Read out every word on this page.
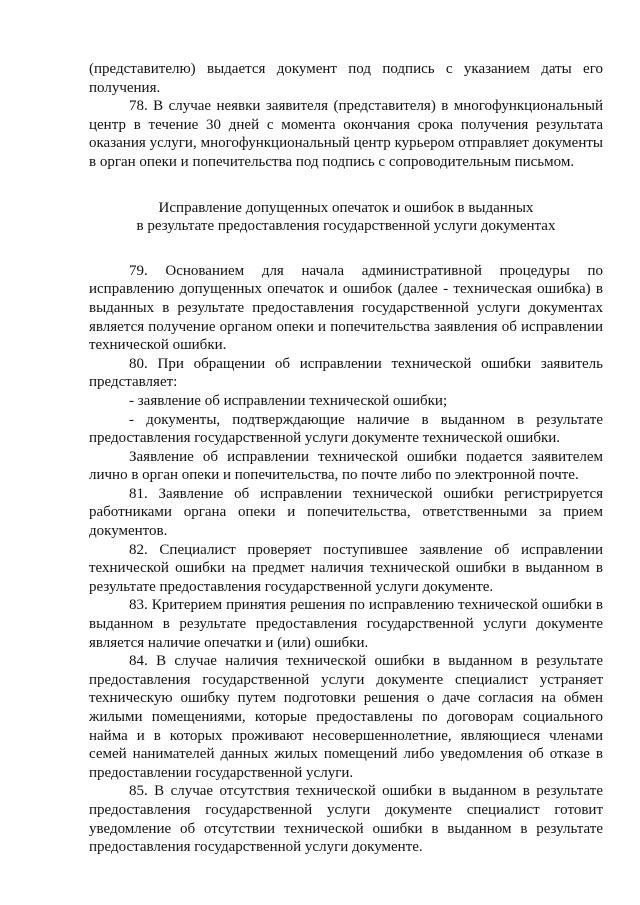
(представителю) выдается документ под подпись с указанием даты его получения.

78. В случае неявки заявителя (представителя) в многофункциональный центр в течение 30 дней с момента окончания срока получения результата оказания услуги, многофункциональный центр курьером отправляет документы в орган опеки и попечительства под подпись с сопроводительным письмом.

Исправление допущенных опечаток и ошибок в выданных
в результате предоставления государственной услуги документах

79. Основанием для начала административной процедуры по исправлению допущенных опечаток и ошибок (далее - техническая ошибка) в выданных в результате предоставления государственной услуги документах является получение органом опеки и попечительства заявления об исправлении технической ошибки.

80. При обращении об исправлении технической ошибки заявитель представляет:

- заявление об исправлении технической ошибки;

- документы, подтверждающие наличие в выданном в результате предоставления государственной услуги документе технической ошибки.

Заявление об исправлении технической ошибки подается заявителем лично в орган опеки и попечительства, по почте либо по электронной почте.

81. Заявление об исправлении технической ошибки регистрируется работниками органа опеки и попечительства, ответственными за прием документов.

82. Специалист проверяет поступившее заявление об исправлении технической ошибки на предмет наличия технической ошибки в выданном в результате предоставления государственной услуги документе.

83. Критерием принятия решения по исправлению технической ошибки в выданном в результате предоставления государственной услуги документе является наличие опечатки и (или) ошибки.

84. В случае наличия технической ошибки в выданном в результате предоставления государственной услуги документе специалист устраняет техническую ошибку путем подготовки решения о даче согласия на обмен жилыми помещениями, которые предоставлены по договорам социального найма и в которых проживают несовершеннолетние, являющиеся членами семей нанимателей данных жилых помещений либо уведомления об отказе в предоставлении государственной услуги.

85. В случае отсутствия технической ошибки в выданном в результате предоставления государственной услуги документе специалист готовит уведомление об отсутствии технической ошибки в выданном в результате предоставления государственной услуги документе.
